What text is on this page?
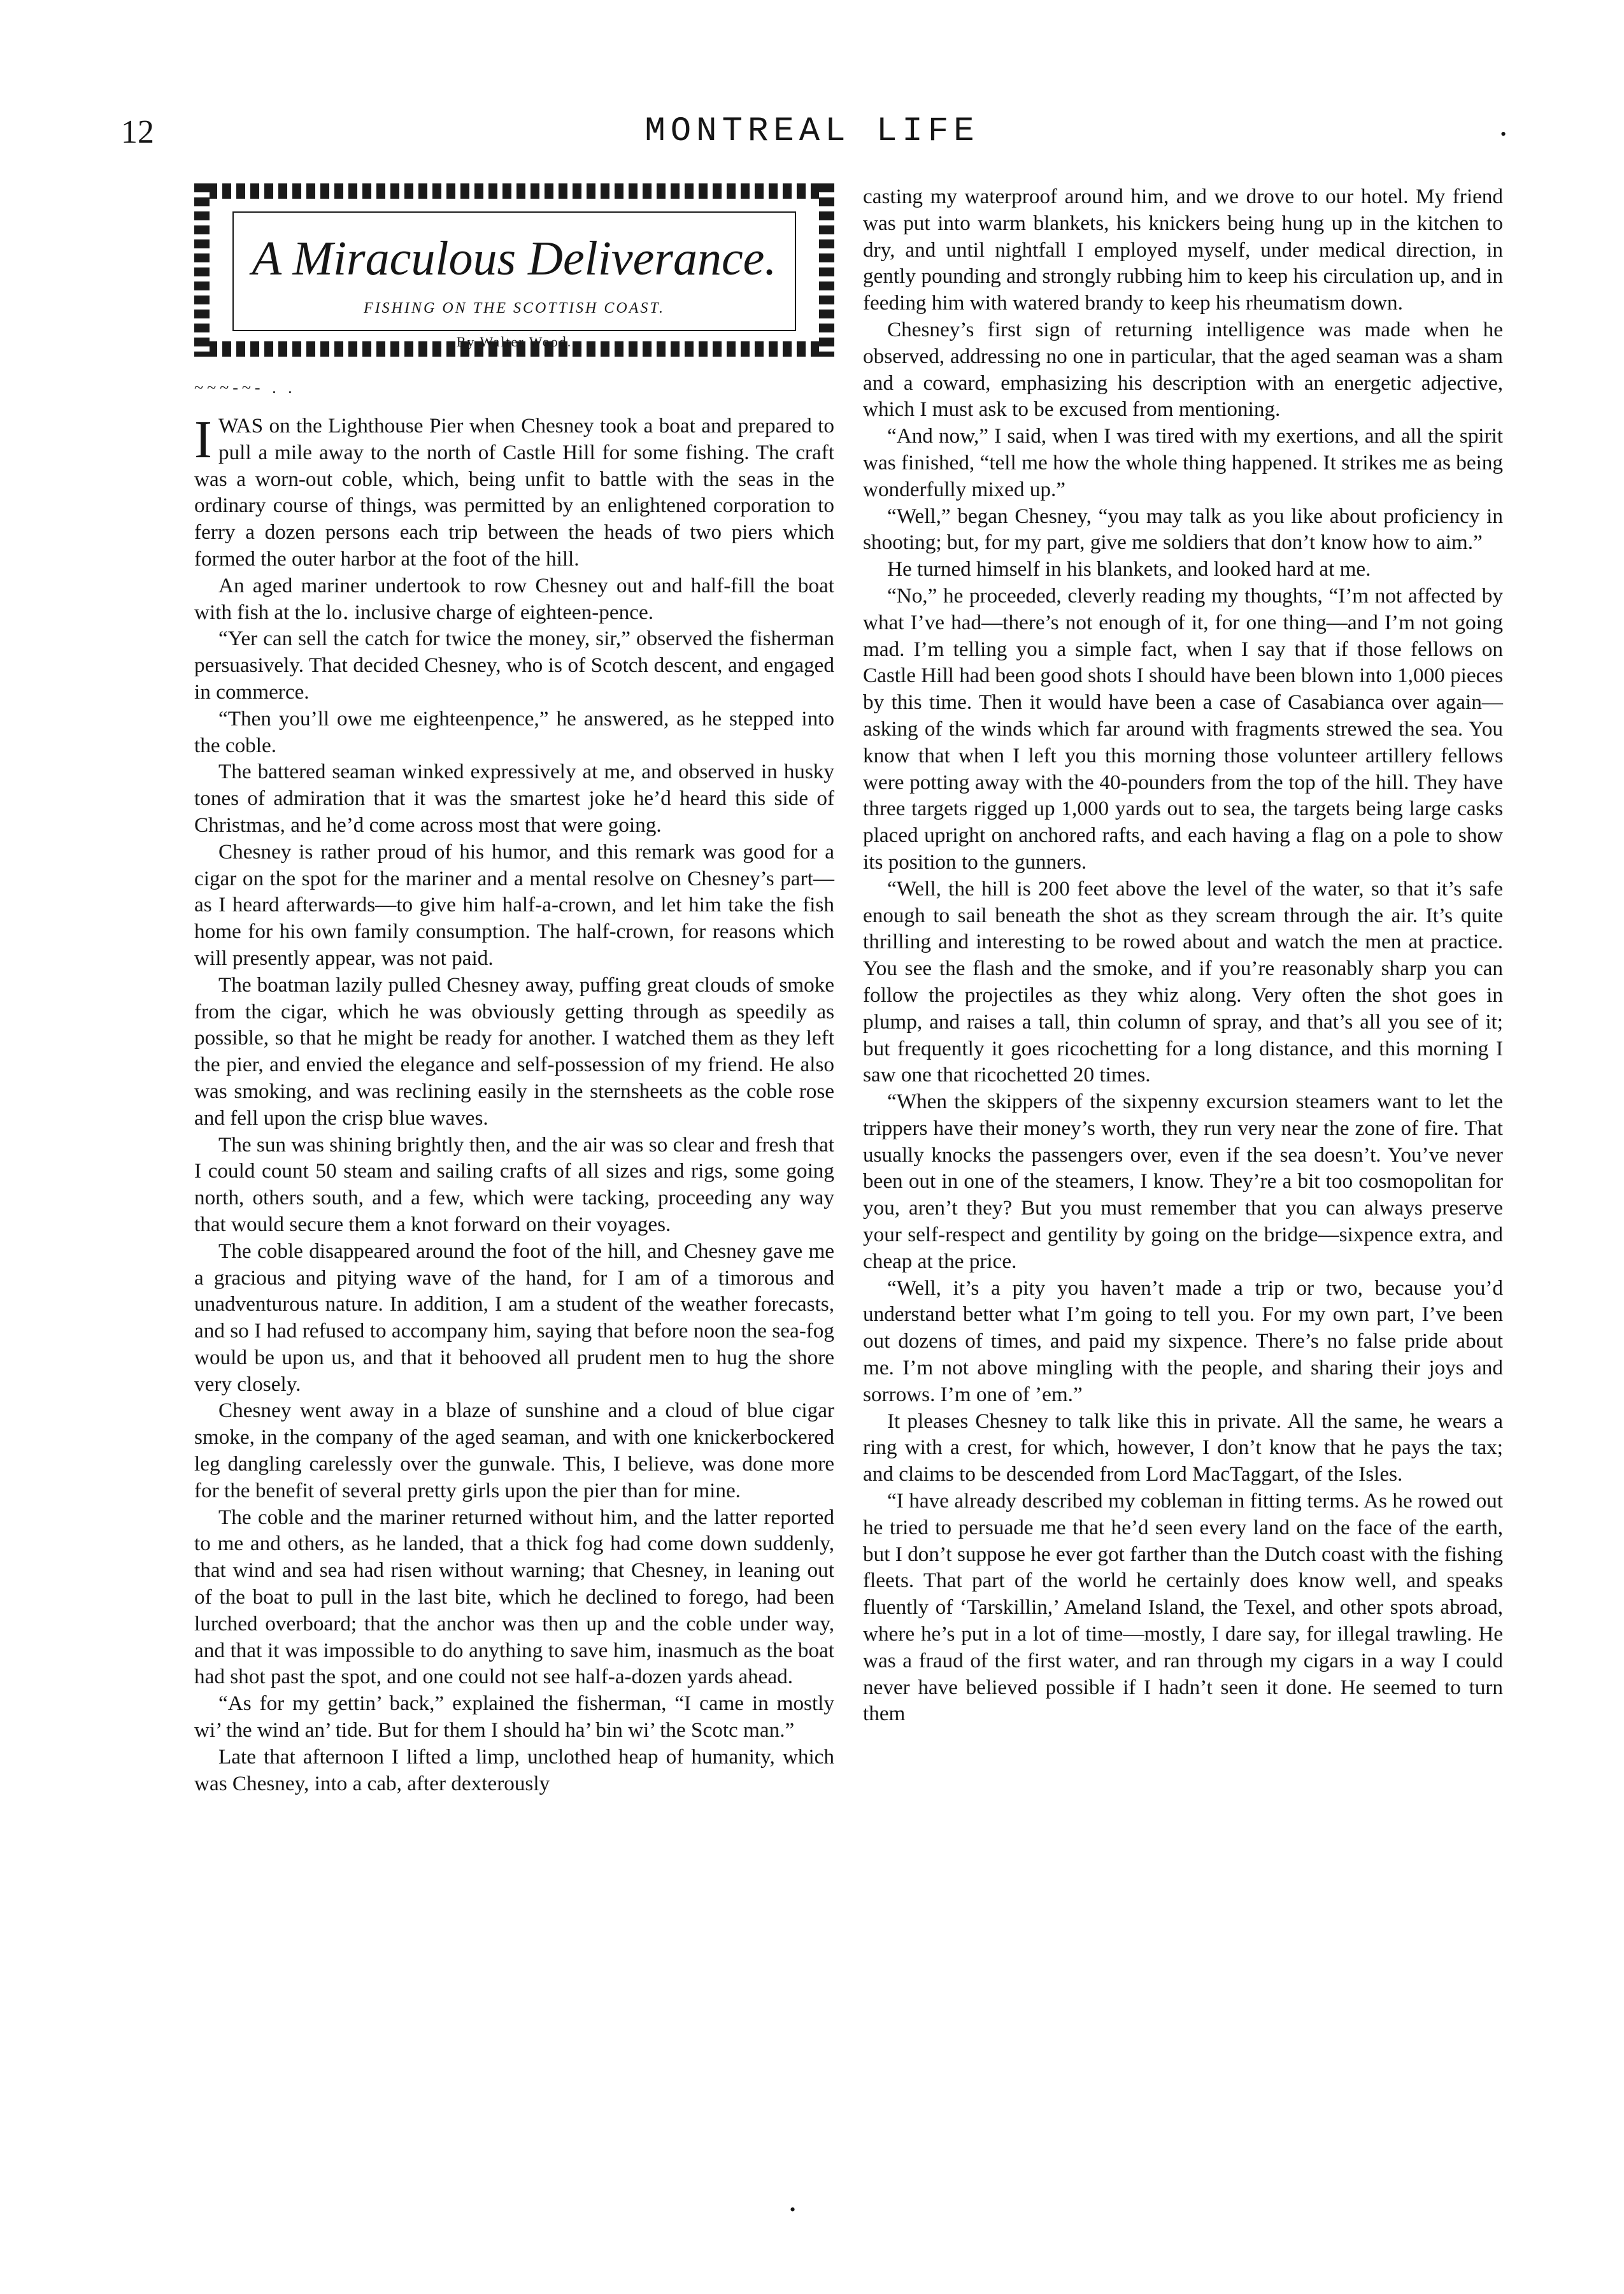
12	MONTREAL LIFE	•
•
A Miraculous Deliverance.
FISHING ON THE SCOTTISH COAST.
By Walter Wood.
~~~-~- . .

IWAS on the Lighthouse Pier when Chesney took a boat and prepared to pull a mile away to the north of Castle Hill for some fishing. The craft was a worn-out coble, which, being unfit to battle with the seas in the ordinary course of things, was permitted by an enlightened corporation to ferry a dozen persons each trip between the heads of two piers which formed the outer harbor at the foot of the hill.

An aged mariner undertook to row Chesney out and half-fill the boat with fish at the lo․ inclusive charge of eighteen-pence.

“Yer can sell the catch for twice the money, sir,” observed the fisherman persuasively. That decided Chesney, who is of Scotch descent, and engaged in commerce.

“Then you’ll owe me eighteenpence,” he answered, as he stepped into the coble.

The battered seaman winked expressively at me, and observed in husky tones of admiration that it was the smartest joke he’d heard this side of Christmas, and he’d come across most that were going.

Chesney is rather proud of his humor, and this remark was good for a cigar on the spot for the mariner and a mental resolve on Chesney’s part—as I heard afterwards—to give him half-a-crown, and let him take the fish home for his own family consumption. The half-crown, for reasons which will presently appear, was not paid.

The boatman lazily pulled Chesney away, puffing great clouds of smoke from the cigar, which he was obviously getting through as speedily as possible, so that he might be ready for another. I watched them as they left the pier, and envied the elegance and self-possession of my friend. He also was smoking, and was reclining easily in the sternsheets as the coble rose and fell upon the crisp blue waves.

The sun was shining brightly then, and the air was so clear and fresh that I could count 50 steam and sailing crafts of all sizes and rigs, some going north, others south, and a few, which were tacking, proceeding any way that would secure them a knot forward on their voyages.

The coble disappeared around the foot of the hill, and Chesney gave me a gracious and pitying wave of the hand, for I am of a timorous and unadventurous nature. In addition, I am a student of the weather forecasts, and so I had refused to accompany him, saying that before noon the sea-fog would be upon us, and that it behooved all prudent men to hug the shore very closely.

Chesney went away in a blaze of sunshine and a cloud of blue cigar smoke, in the company of the aged seaman, and with one knickerbockered leg dangling carelessly over the gunwale. This, I believe, was done more for the benefit of several pretty girls upon the pier than for mine.

The coble and the mariner returned without him, and the latter reported to me and others, as he landed, that a thick fog had come down suddenly, that wind and sea had risen without warning; that Chesney, in leaning out of the boat to pull in the last bite, which he declined to forego, had been lurched overboard; that the anchor was then up and the coble under way, and that it was impossible to do anything to save him, inasmuch as the boat had shot past the spot, and one could not see half-a-dozen yards ahead.

“As for my gettin’ back,” explained the fisherman, “I came in mostly wi’ the wind an’ tide. But for them I should ha’ bin wi’ the Scotc man.”

Late that afternoon I lifted a limp, unclothed heap of humanity, which was Chesney, into a cab, after dexterously

casting my waterproof around him, and we drove to our hotel. My friend was put into warm blankets, his knickers being hung up in the kitchen to dry, and until nightfall I employed myself, under medical direction, in gently pounding and strongly rubbing him to keep his circulation up, and in feeding him with watered brandy to keep his rheumatism down.

Chesney’s first sign of returning intelligence was made when he observed, addressing no one in particular, that the aged seaman was a sham and a coward, emphasizing his description with an energetic adjective, which I must ask to be excused from mentioning.

“And now,” I said, when I was tired with my exertions, and all the spirit was finished, “tell me how the whole thing happened. It strikes me as being wonderfully mixed up.”

“Well,” began Chesney, “you may talk as you like about proficiency in shooting; but, for my part, give me soldiers that don’t know how to aim.”

He turned himself in his blankets, and looked hard at me.

“No,” he proceeded, cleverly reading my thoughts, “I’m not affected by what I’ve had—there’s not enough of it, for one thing—and I’m not going mad. I’m telling you a simple fact, when I say that if those fellows on Castle Hill had been good shots I should have been blown into 1,000 pieces by this time. Then it would have been a case of Casabianca over again—asking of the winds which far around with fragments strewed the sea. You know that when I left you this morning those volunteer artillery fellows were potting away with the 40-pounders from the top of the hill. They have three targets rigged up 1,000 yards out to sea, the targets being large casks placed upright on anchored rafts, and each having a flag on a pole to show its position to the gunners.

“Well, the hill is 200 feet above the level of the water, so that it’s safe enough to sail beneath the shot as they scream through the air. It’s quite thrilling and interesting to be rowed about and watch the men at practice. You see the flash and the smoke, and if you’re reasonably sharp you can follow the projectiles as they whiz along. Very often the shot goes in plump, and raises a tall, thin column of spray, and that’s all you see of it; but frequently it goes ricochetting for a long distance, and this morning I saw one that ricochetted 20 times.

“When the skippers of the sixpenny excursion steamers want to let the trippers have their money’s worth, they run very near the zone of fire. That usually knocks the passengers over, even if the sea doesn’t. You’ve never been out in one of the steamers, I know. They’re a bit too cosmopolitan for you, aren’t they? But you must remember that you can always preserve your self-respect and gentility by going on the bridge—sixpence extra, and cheap at the price.

“Well, it’s a pity you haven’t made a trip or two, because you’d understand better what I’m going to tell you. For my own part, I’ve been out dozens of times, and paid my sixpence. There’s no false pride about me. I’m not above mingling with the people, and sharing their joys and sorrows. I’m one of ’em.”

It pleases Chesney to talk like this in private. All the same, he wears a ring with a crest, for which, however, I don’t know that he pays the tax; and claims to be descended from Lord MacTaggart, of the Isles.

“I have already described my cobleman in fitting terms. As he rowed out he tried to persuade me that he’d seen every land on the face of the earth, but I don’t suppose he ever got farther than the Dutch coast with the fishing fleets. That part of the world he certainly does know well, and speaks fluently of ‘Tarskillin,’ Ameland Island, the Texel, and other spots abroad, where he’s put in a lot of time—mostly, I dare say, for illegal trawling. He was a fraud of the first water, and ran through my cigars in a way I could never have believed possible if I hadn’t seen it done. He seemed to turn them
